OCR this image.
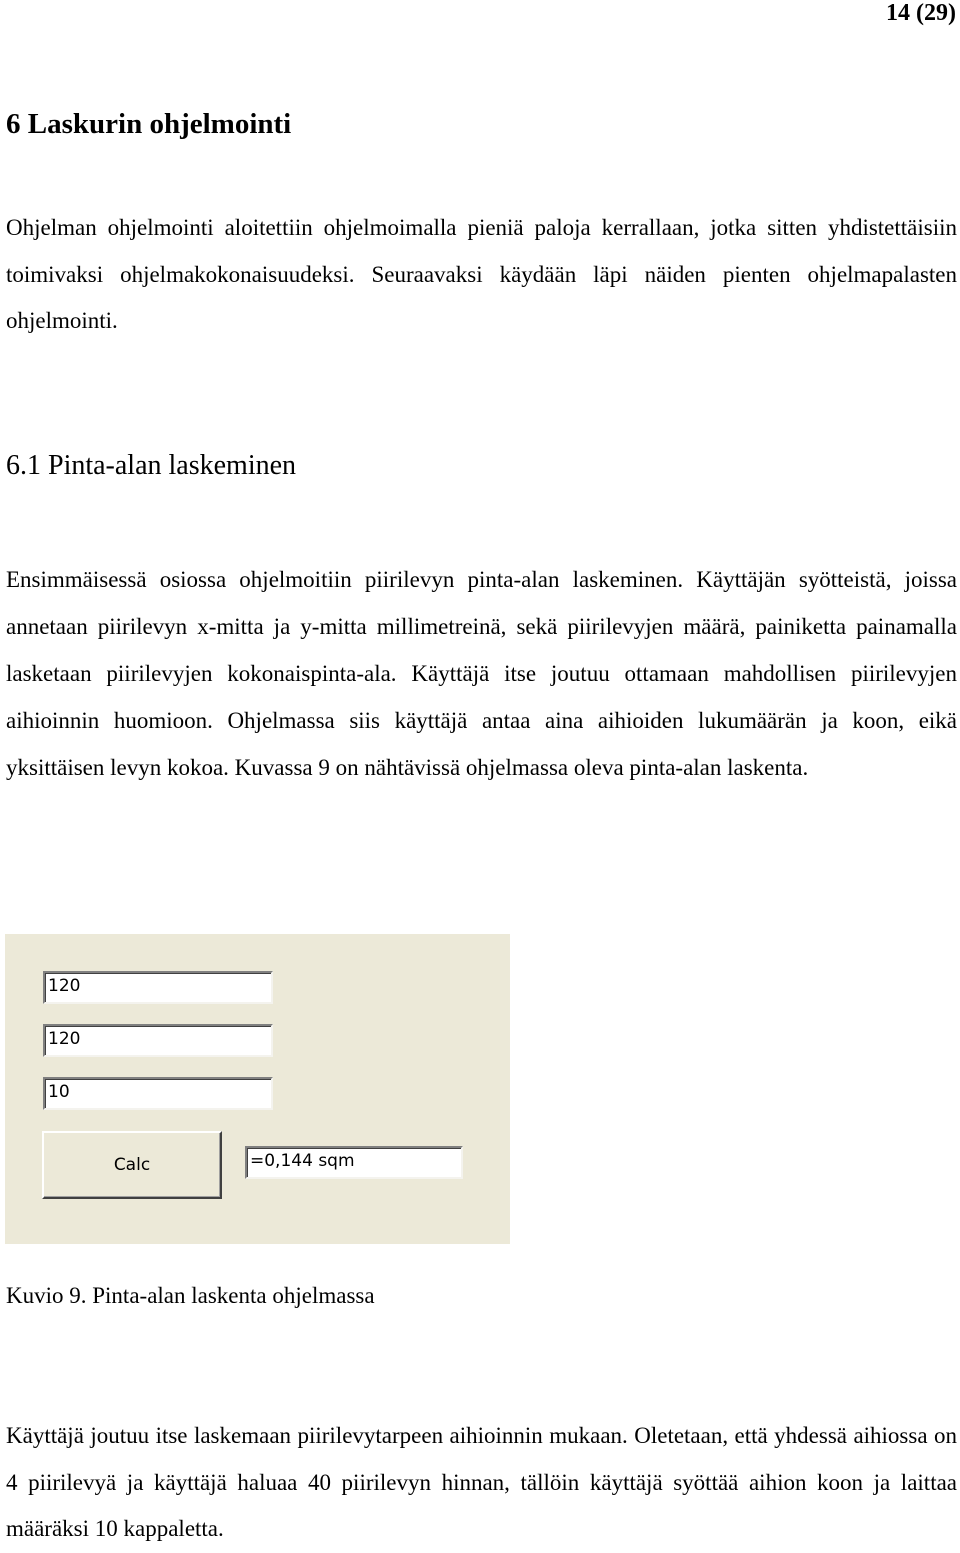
14 (29)
6 Laskurin ohjelmointi
Ohjelman ohjelmointi aloitettiin ohjelmoimalla pieniä paloja kerrallaan, jotka sitten yhdistettäisiin toimivaksi ohjelmakokonaisuudeksi. Seuraavaksi käydään läpi näiden pienten ohjelmapalasten ohjelmointi.
6.1 Pinta-alan laskeminen
Ensimmäisessä osiossa ohjelmoitiin piirilevyn pinta-alan laskeminen. Käyttäjän syötteistä, joissa annetaan piirilevyn x-mitta ja y-mitta millimetreinä, sekä piirilevyjen määrä, painiketta painamalla lasketaan piirilevyjen kokonaispinta-ala. Käyttäjä itse joutuu ottamaan mahdollisen piirilevyjen aihioinnin huomioon. Ohjelmassa siis käyttäjä antaa aina aihioiden lukumäärän ja koon, eikä yksittäisen levyn kokoa. Kuvassa 9 on nähtävissä ohjelmassa oleva pinta-alan laskenta.
120
120
10
Calc	=0,144 sqm
Kuvio 9. Pinta-alan laskenta ohjelmassa
Käyttäjä joutuu itse laskemaan piirilevytarpeen aihioinnin mukaan. Oletetaan, että yhdessä aihiossa on 4 piirilevyä ja käyttäjä haluaa 40 piirilevyn hinnan, tällöin käyttäjä syöttää aihion koon ja laittaa määräksi 10 kappaletta.
